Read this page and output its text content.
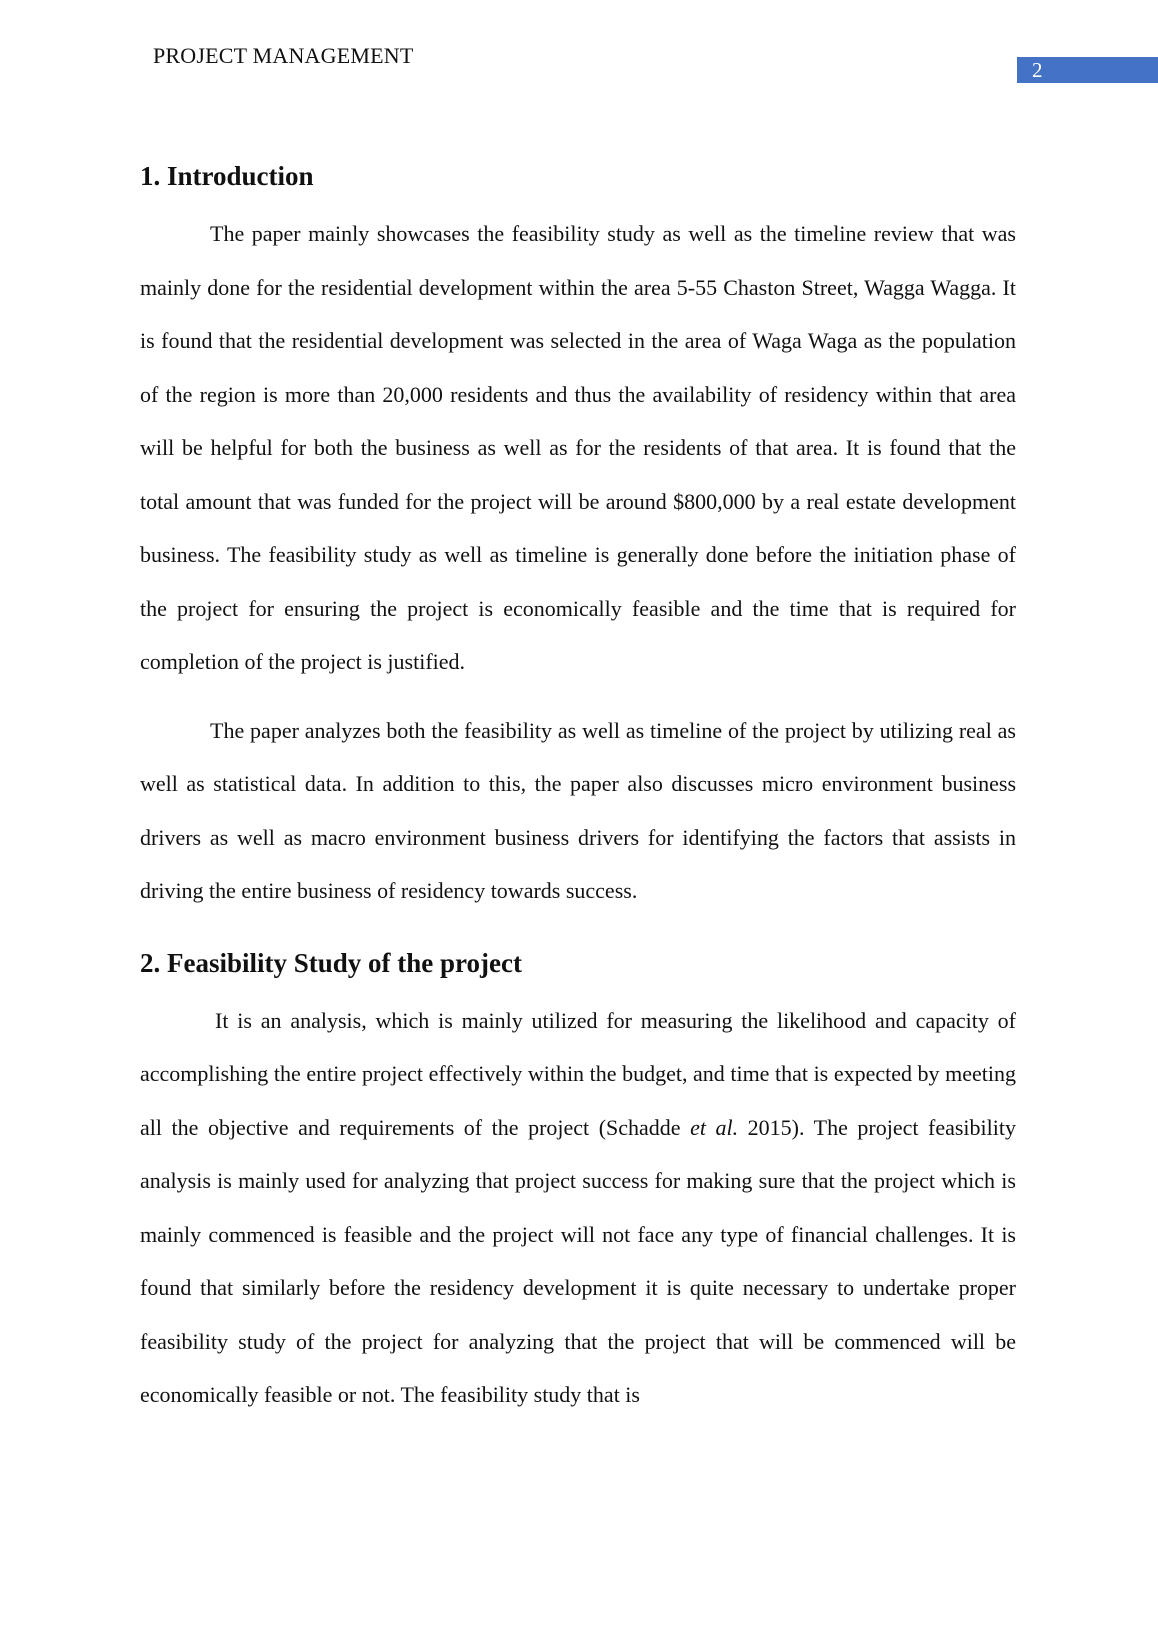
PROJECT MANAGEMENT
2
1. Introduction

The paper mainly showcases the feasibility study as well as the timeline review that was mainly done for the residential development within the area 5-55 Chaston Street, Wagga Wagga. It is found that the residential development was selected in the area of Waga Waga as the population of the region is more than 20,000 residents and thus the availability of residency within that area will be helpful for both the business as well as for the residents of that area. It is found that the total amount that was funded for the project will be around $800,000 by a real estate development business. The feasibility study as well as timeline is generally done before the initiation phase of the project for ensuring the project is economically feasible and the time that is required for completion of the project is justified.

The paper analyzes both the feasibility as well as timeline of the project by utilizing real as well as statistical data. In addition to this, the paper also discusses micro environment business drivers as well as macro environment business drivers for identifying the factors that assists in driving the entire business of residency towards success.

2. Feasibility Study of the project

It is an analysis, which is mainly utilized for measuring the likelihood and capacity of accomplishing the entire project effectively within the budget, and time that is expected by meeting all the objective and requirements of the project (Schadde et al. 2015). The project feasibility analysis is mainly used for analyzing that project success for making sure that the project which is mainly commenced is feasible and the project will not face any type of financial challenges. It is found that similarly before the residency development it is quite necessary to undertake proper feasibility study of the project for analyzing that the project that will be commenced will be economically feasible or not. The feasibility study that is
